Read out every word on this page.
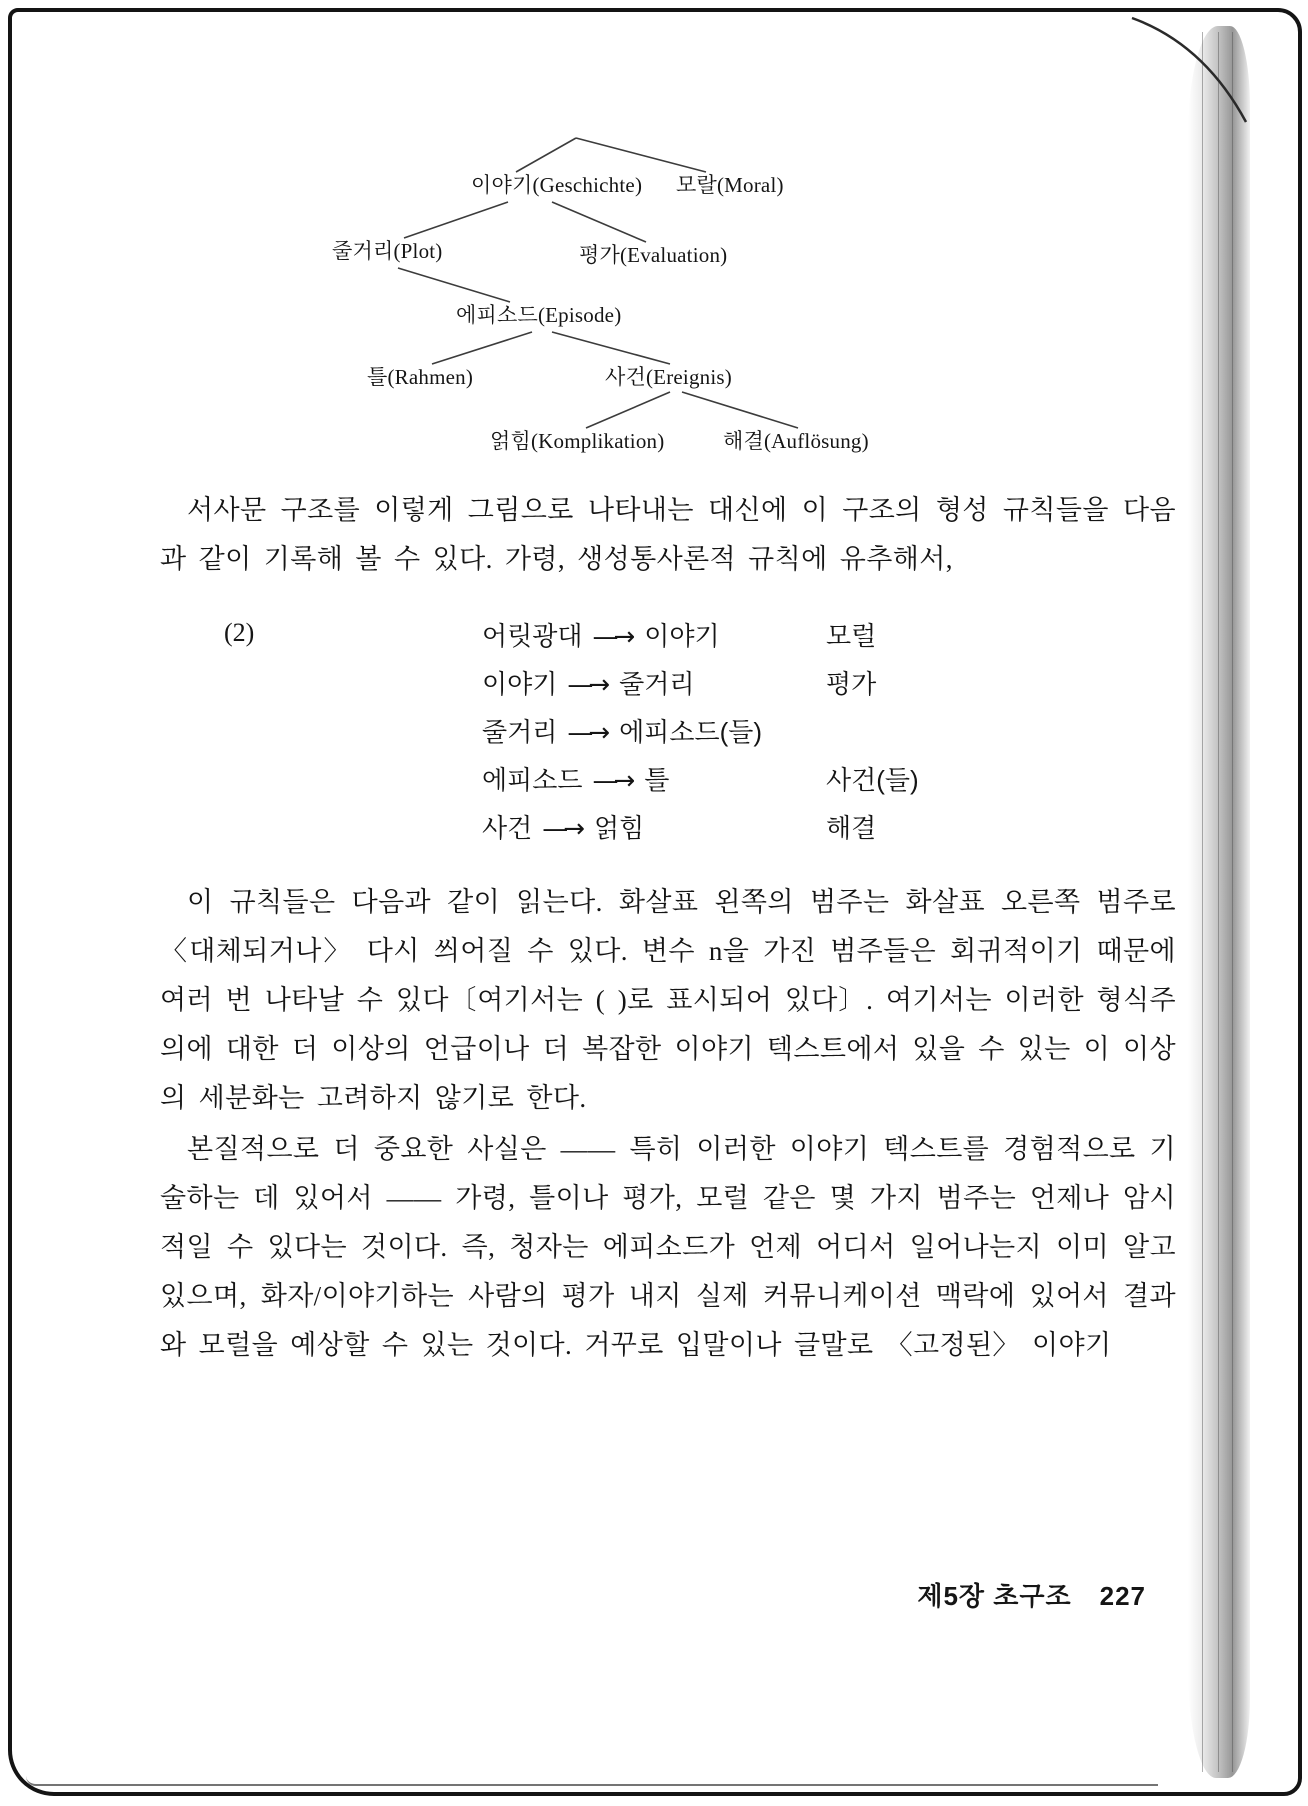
이야기(Geschichte) 모랄(Moral)
줄거리(Plot)	평가(Evaluation)
에피소드(Episode)
틀(Rahmen)	사건(Ereignis)
얽힘(Komplikation)	해결(Auflösung)

서사문 구조를 이렇게 그림으로 나타내는 대신에 이 구조의 형성 규칙들을 다음과 같이 기록해 볼 수 있다. 가령, 생성통사론적 규칙에 유추해서,

(2)	어릿광대 —→ 이야기	모럴
이야기 —→ 줄거리	평가
줄거리 —→ 에피소드(들)
에피소드 —→ 틀	사건(들)
사건 —→ 얽힘	해결

이 규칙들은 다음과 같이 읽는다. 화살표 왼쪽의 범주는 화살표 오른쪽 범주로 〈대체되거나〉 다시 씌어질 수 있다. 변수 n을 가진 범주들은 회귀적이기 때문에 여러 번 나타날 수 있다〔여기서는 ( )로 표시되어 있다〕. 여기서는 이러한 형식주의에 대한 더 이상의 언급이나 더 복잡한 이야기 텍스트에서 있을 수 있는 이 이상의 세분화는 고려하지 않기로 한다.

본질적으로 더 중요한 사실은 —— 특히 이러한 이야기 텍스트를 경험적으로 기술하는 데 있어서 —— 가령, 틀이나 평가, 모럴 같은 몇 가지 범주는 언제나 암시적일 수 있다는 것이다. 즉, 청자는 에피소드가 언제 어디서 일어나는지 이미 알고 있으며, 화자/이야기하는 사람의 평가 내지 실제 커뮤니케이션 맥락에 있어서 결과와 모럴을 예상할 수 있는 것이다. 거꾸로 입말이나 글말로 〈고정된〉 이야기

제5장 초구조 227
